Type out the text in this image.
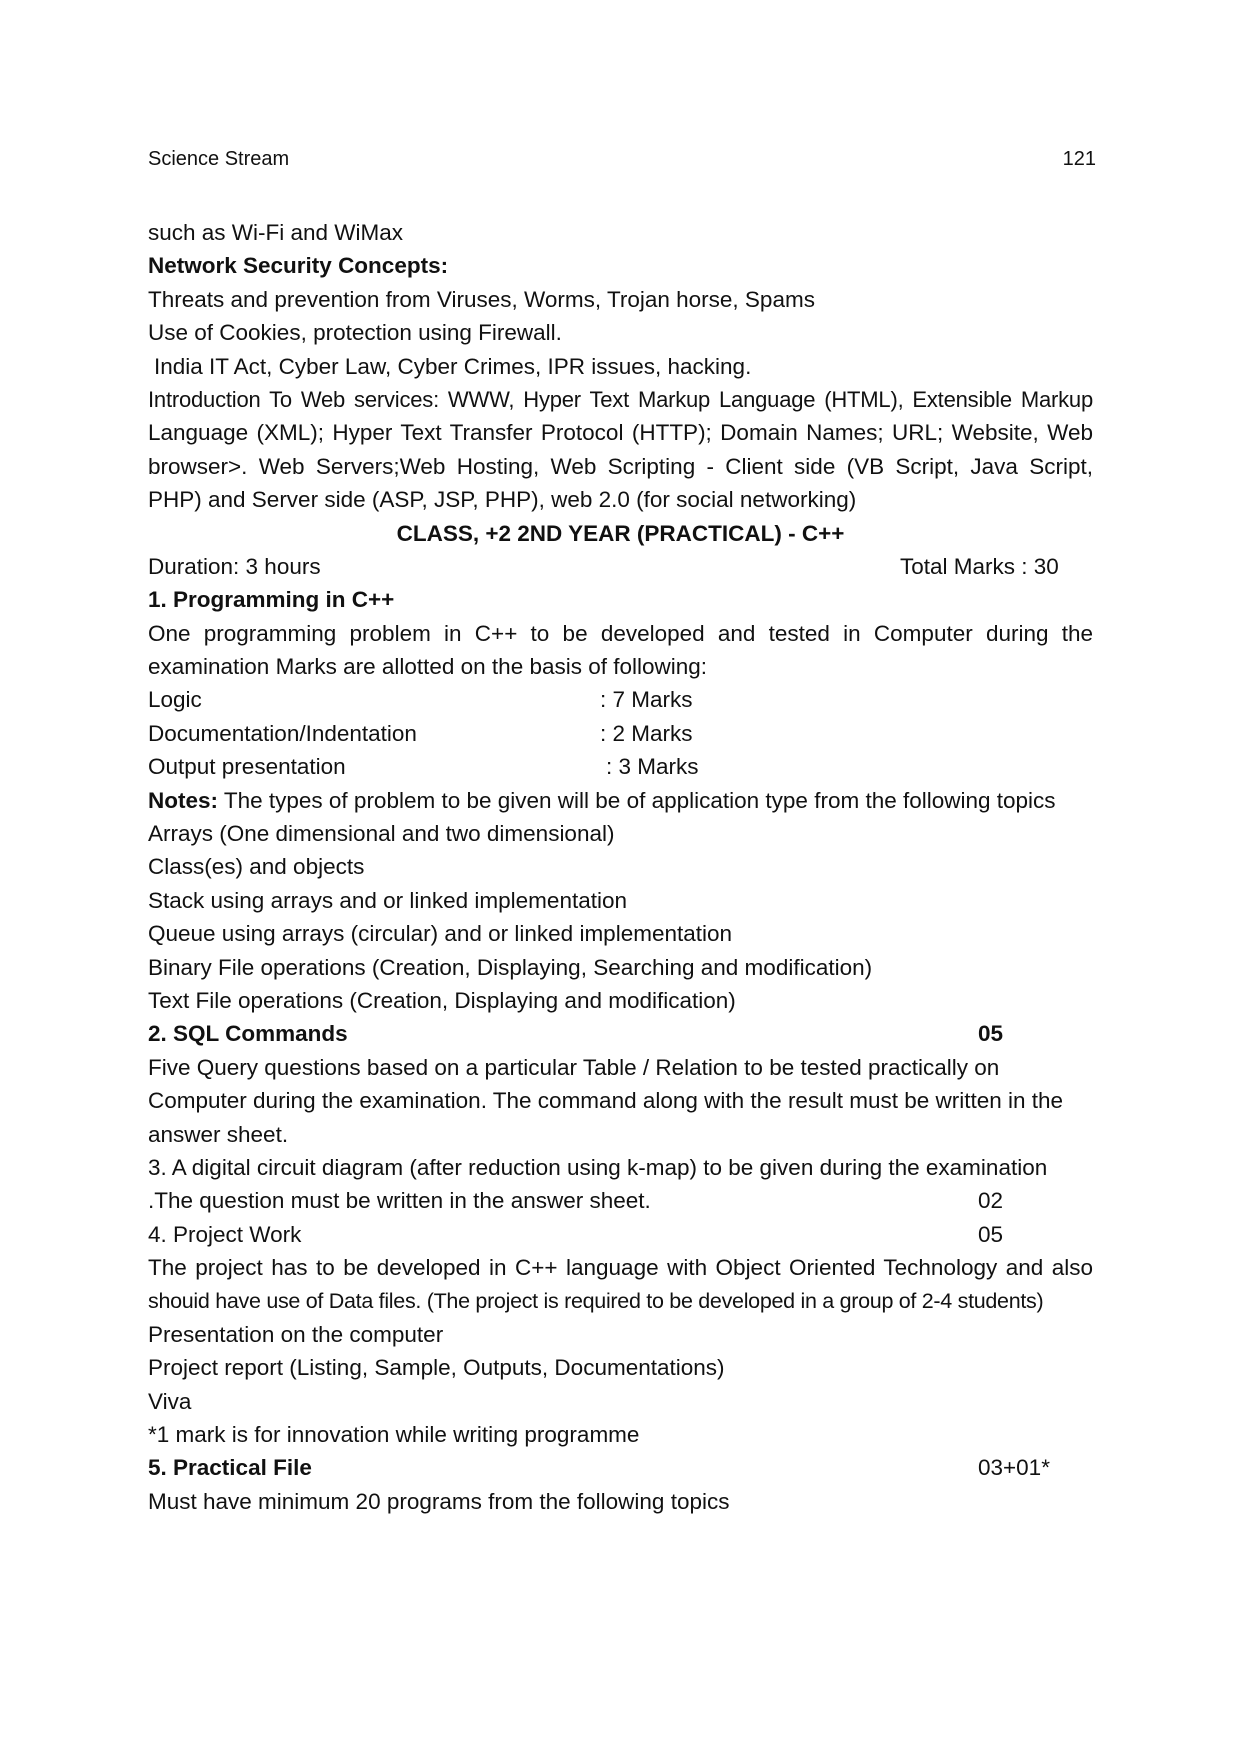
Science Stream	121
such as Wi-Fi and WiMax
Network Security Concepts:
Threats and prevention from Viruses, Worms, Trojan horse, Spams
Use of Cookies, protection using Firewall.
India IT Act, Cyber Law, Cyber Crimes, IPR issues, hacking.
Introduction To Web services: WWW, Hyper Text Markup Language (HTML), Extensible Markup
Language (XML); Hyper Text Transfer Protocol (HTTP); Domain Names; URL; Website, Web
browser>. Web Servers;Web Hosting, Web Scripting - Client side (VB Script, Java Script,
PHP) and Server side (ASP, JSP, PHP), web 2.0 (for social networking)
CLASS, +2 2ND YEAR (PRACTICAL) - C++
Duration: 3 hours	Total Marks : 30
1. Programming in C++
One programming problem in C++ to be developed and tested in Computer during the
examination Marks are allotted on the basis of following:
Logic	: 7 Marks
Documentation/Indentation	: 2 Marks
Output presentation	: 3 Marks
Notes: The types of problem to be given will be of application type from the following topics
Arrays (One dimensional and two dimensional)
Class(es) and objects
Stack using arrays and or linked implementation
Queue using arrays (circular) and or linked implementation
Binary File operations (Creation, Displaying, Searching and modification)
Text File operations (Creation, Displaying and modification)
2. SQL Commands	05
Five Query questions based on a particular Table / Relation to be tested practically on
Computer during the examination. The command along with the result must be written in the
answer sheet.
3. A digital circuit diagram (after reduction using k-map) to be given during the examination
.The question must be written in the answer sheet.	02
4. Project Work	05
The project has to be developed in C++ language with Object Oriented Technology and also
shouid have use of Data files. (The project is required to be developed in a group of 2-4 students)
Presentation on the computer
Project report (Listing, Sample, Outputs, Documentations)
Viva
*1 mark is for innovation while writing programme
5. Practical File	03+01*
Must have minimum 20 programs from the following topics
